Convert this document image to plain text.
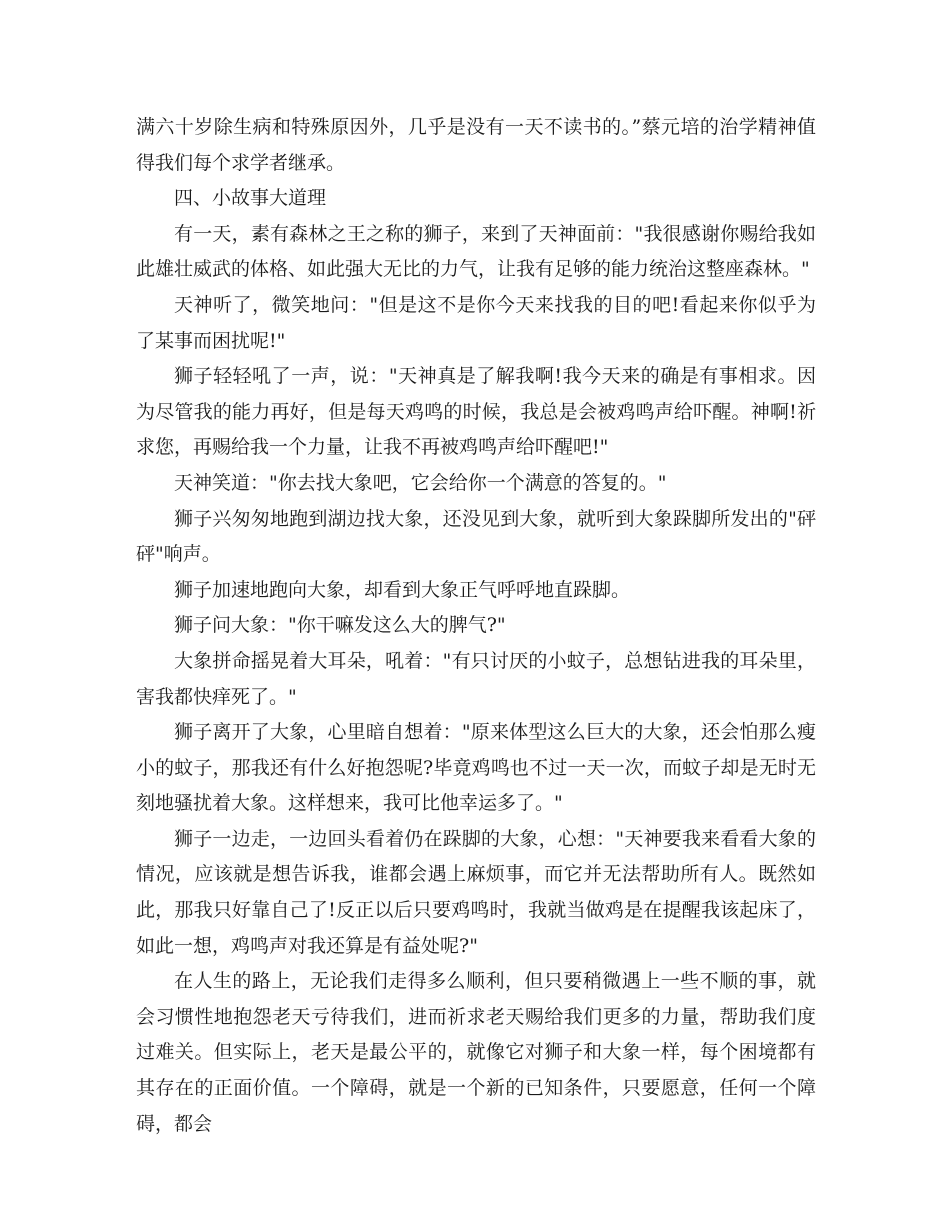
满六十岁除生病和特殊原因外，几乎是没有一天不读书的。”蔡元培的治学精神值得我们每个求学者继承。

四、小故事大道理

有一天，素有森林之王之称的狮子，来到了天神面前："我很感谢你赐给我如此雄壮威武的体格、如此强大无比的力气，让我有足够的能力统治这整座森林。"

天神听了，微笑地问："但是这不是你今天来找我的目的吧!看起来你似乎为了某事而困扰呢!"

狮子轻轻吼了一声，说："天神真是了解我啊!我今天来的确是有事相求。因为尽管我的能力再好，但是每天鸡鸣的时候，我总是会被鸡鸣声给吓醒。神啊!祈求您，再赐给我一个力量，让我不再被鸡鸣声给吓醒吧!"

天神笑道："你去找大象吧，它会给你一个满意的答复的。"

狮子兴匆匆地跑到湖边找大象，还没见到大象，就听到大象跺脚所发出的"砰砰"响声。

狮子加速地跑向大象，却看到大象正气呼呼地直跺脚。

狮子问大象："你干嘛发这么大的脾气?"

大象拼命摇晃着大耳朵，吼着："有只讨厌的小蚊子，总想钻进我的耳朵里，害我都快痒死了。"

狮子离开了大象，心里暗自想着："原来体型这么巨大的大象，还会怕那么瘦小的蚊子，那我还有什么好抱怨呢?毕竟鸡鸣也不过一天一次，而蚊子却是无时无刻地骚扰着大象。这样想来，我可比他幸运多了。"

狮子一边走，一边回头看着仍在跺脚的大象，心想："天神要我来看看大象的情况，应该就是想告诉我，谁都会遇上麻烦事，而它并无法帮助所有人。既然如此，那我只好靠自己了!反正以后只要鸡鸣时，我就当做鸡是在提醒我该起床了，如此一想，鸡鸣声对我还算是有益处呢?"

在人生的路上，无论我们走得多么顺利，但只要稍微遇上一些不顺的事，就会习惯性地抱怨老天亏待我们，进而祈求老天赐给我们更多的力量，帮助我们度过难关。但实际上，老天是最公平的，就像它对狮子和大象一样，每个困境都有其存在的正面价值。一个障碍，就是一个新的已知条件，只要愿意，任何一个障碍，都会
